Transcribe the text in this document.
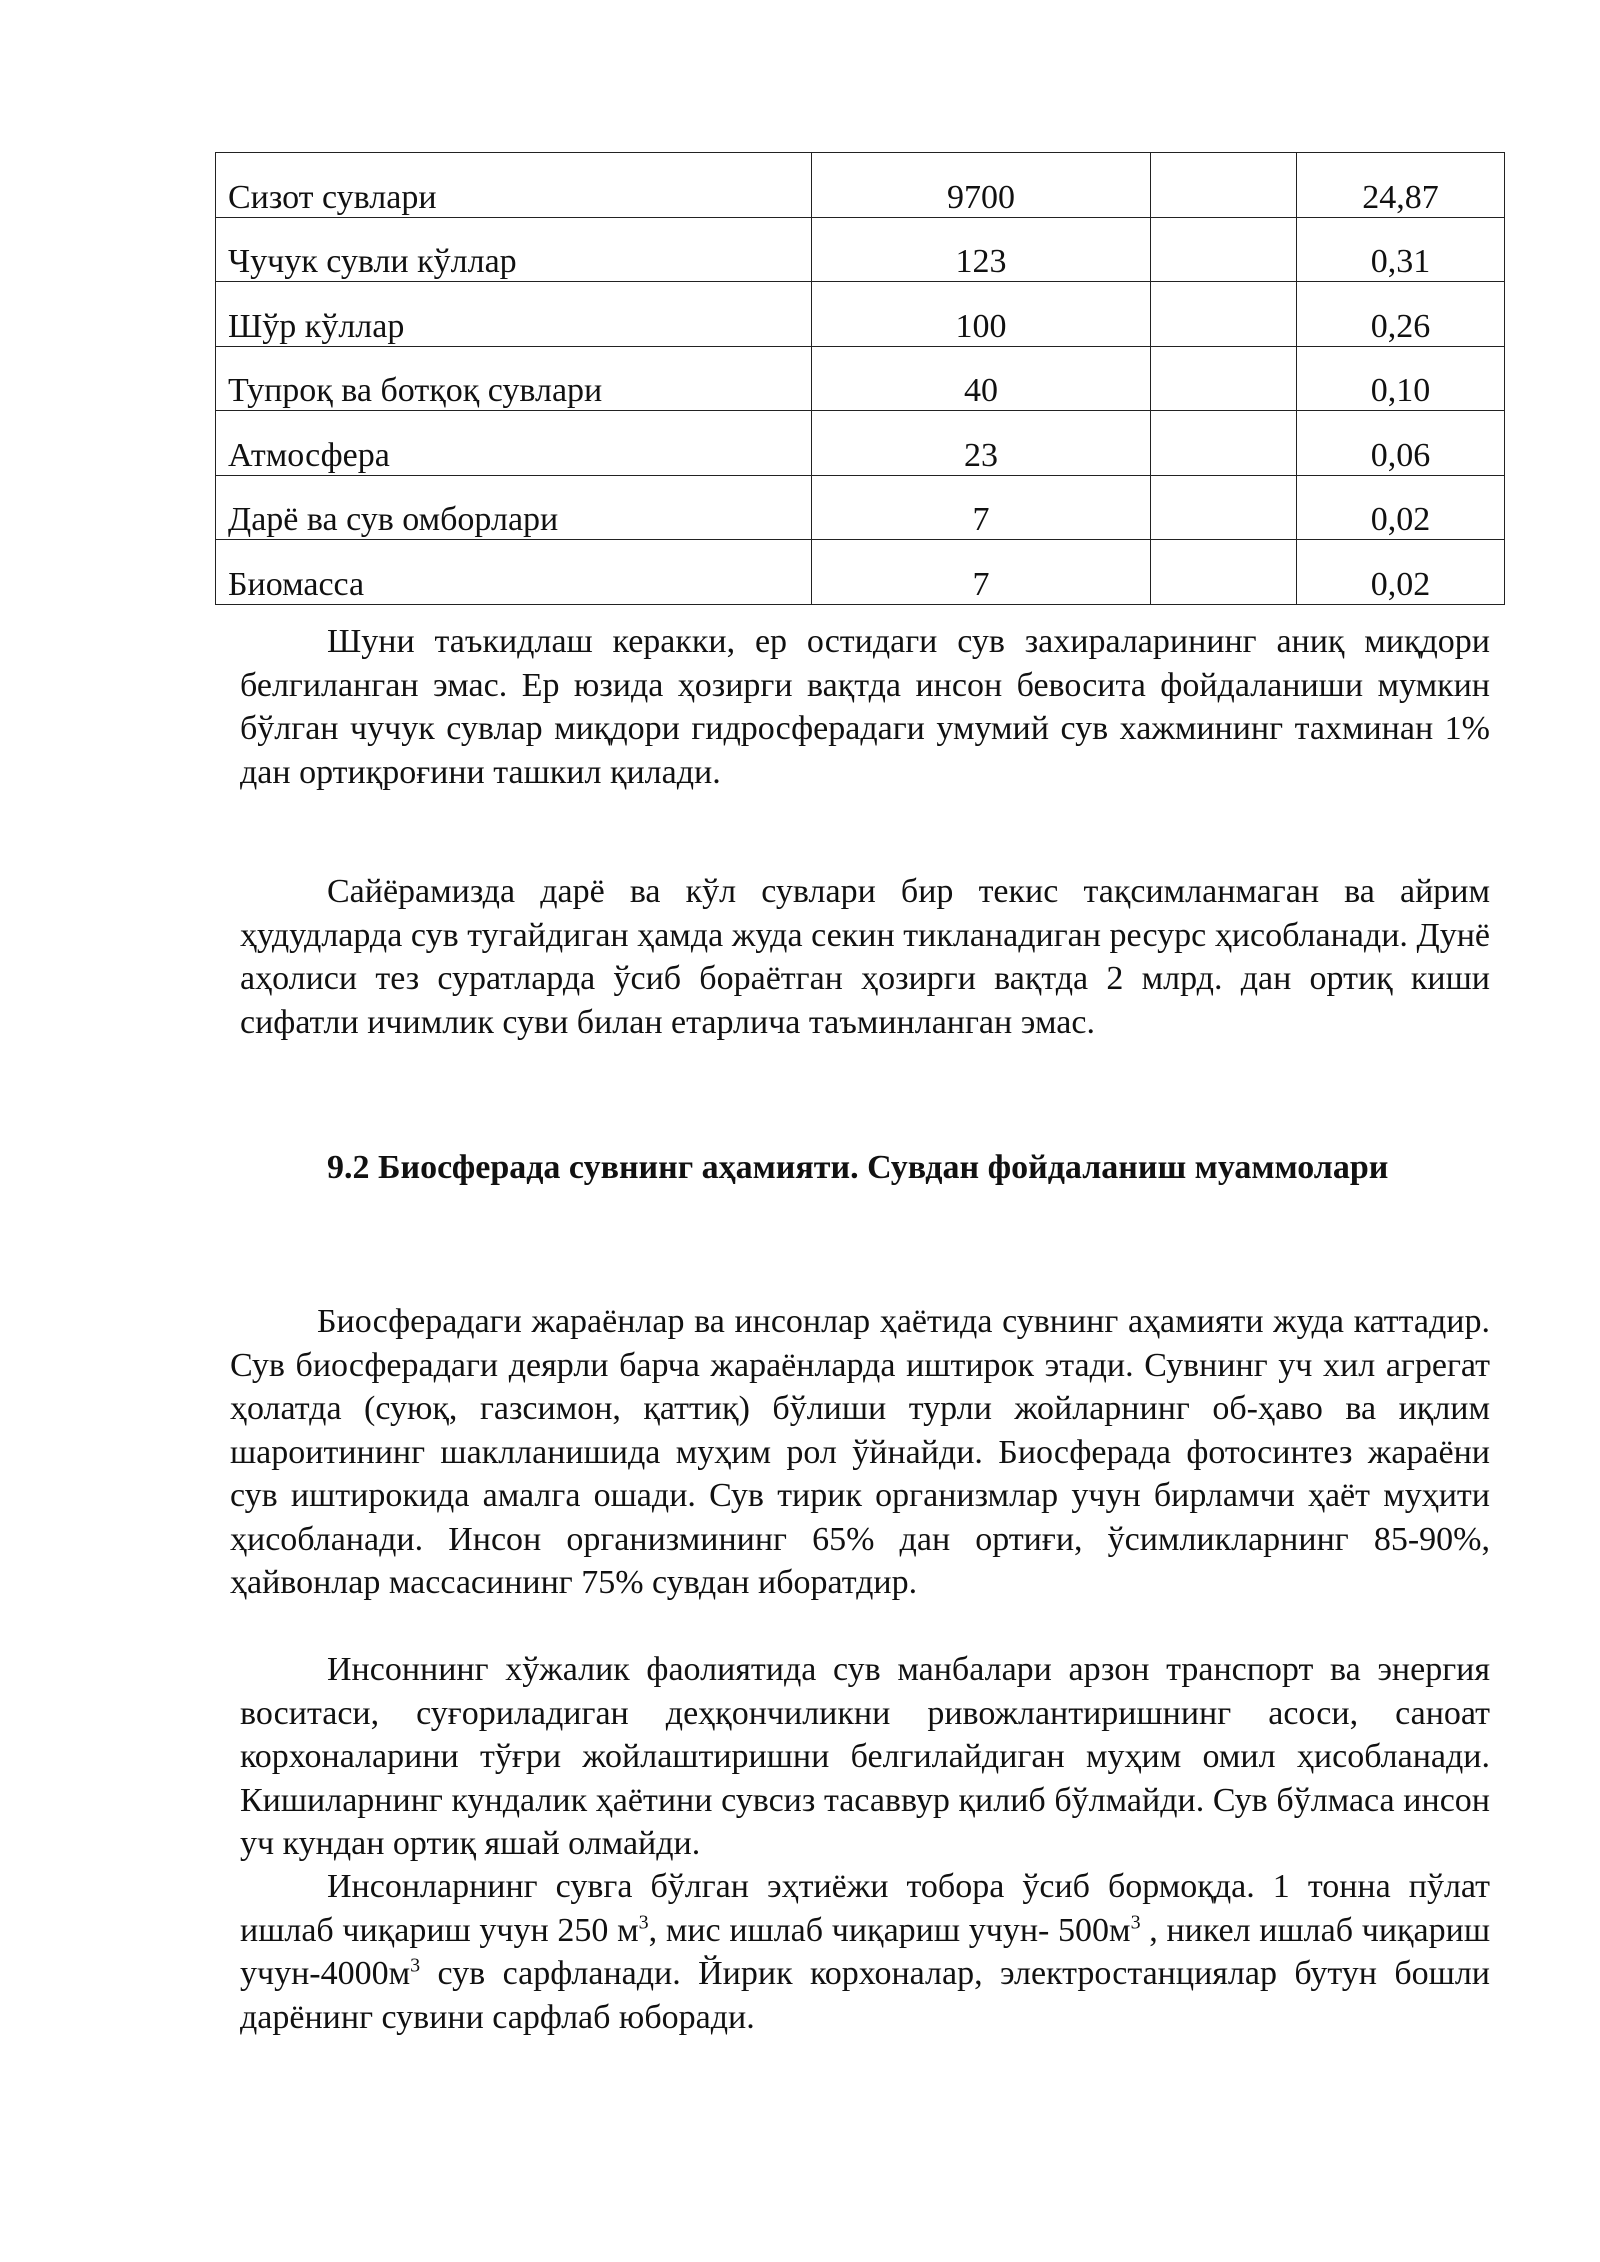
Сизот сувлари	9700		24,87
Чучук сувли кўллар	123		0,31
Шўр кўллар	100		0,26
Тупроқ ва ботқоқ сувлари	40		0,10
Атмосфера	23		0,06
Дарё ва сув омборлари	7		0,02
Биомасса	7		0,02

Шуни таъкидлаш керакки, ер остидаги сув захираларининг аниқ миқдори белгиланган эмас. Ер юзида ҳозирги вақтда инсон бевосита фойдаланиши мумкин бўлган чучук сувлар миқдори гидросферадаги умумий сув хажмининг тахминан 1% дан ортиқроғини ташкил қилади.

Сайёрамизда дарё ва кўл сувлари бир текис тақсимланмаган ва айрим ҳудудларда сув тугайдиган ҳамда жуда секин тикланадиган ресурс ҳисобланади. Дунё аҳолиси тез суратларда ўсиб бораётган ҳозирги вақтда 2 млрд. дан ортиқ киши сифатли ичимлик суви билан етарлича таъминланган эмас.

9.2 Биосферада сувнинг аҳамияти. Сувдан фойдаланиш муаммолари

Биосферадаги жараёнлар ва инсонлар ҳаётида сувнинг аҳамияти жуда каттадир. Сув биосферадаги деярли барча жараёнларда иштирок этади. Сувнинг уч хил агрегат ҳолатда (суюқ, газсимон, қаттиқ) бўлиши турли жойларнинг об-ҳаво ва иқлим шароитининг шаклланишида муҳим рол ўйнайди. Биосферада фотосинтез жараёни сув иштирокида амалга ошади. Сув тирик организмлар учун бирламчи ҳаёт муҳити ҳисобланади. Инсон организмининг 65% дан ортиғи, ўсимликларнинг 85-90%, ҳайвонлар массасининг 75% сувдан иборатдир.

Инсоннинг хўжалик фаолиятида сув манбалари арзон транспорт ва энергия воситаси, суғориладиган деҳқончиликни ривожлантиришнинг асоси, саноат корхоналарини тўғри жойлаштиришни белгилайдиган муҳим омил ҳисобланади. Кишиларнинг кундалик ҳаётини сувсиз тасаввур қилиб бўлмайди. Сув бўлмаса инсон уч кундан ортиқ яшай олмайди.

Инсонларнинг сувга бўлган эҳтиёжи тобора ўсиб бормоқда. 1 тонна пўлат ишлаб чиқариш учун 250 $м^3$, мис ишлаб чиқариш учун- $500м^3$ , никел ишлаб чиқариш учун-$4000м^3$ сув сарфланади. Йирик корхоналар, электростанциялар бутун бошли дарёнинг сувини сарфлаб юборади.
